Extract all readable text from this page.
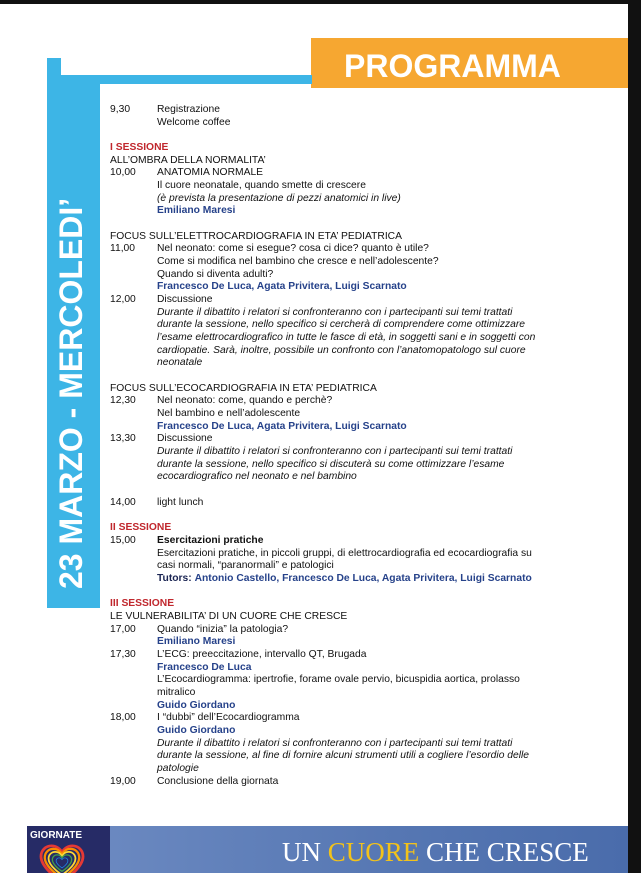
PROGRAMMA
23 MARZO - MERCOLEDI’
9,30	Registrazione
Welcome coffee
I SESSIONE
ALL’OMBRA DELLA NORMALITA’
10,00	ANATOMIA NORMALE
Il cuore neonatale, quando smette di crescere
(è prevista la presentazione di pezzi anatomici in live)
Emiliano Maresi
FOCUS SULL’ELETTROCARDIOGRAFIA IN ETA’ PEDIATRICA
11,00	Nel neonato: come si esegue? cosa ci dice? quanto è utile?
Come si modifica nel bambino che cresce e nell’adolescente?
Quando si diventa adulti?
Francesco De Luca, Agata Privitera, Luigi Scarnato
12,00	Discussione
Durante il dibattito i relatori si confronteranno con i partecipanti sui temi trattati
durante la sessione, nello specifico si cercherà di comprendere come ottimizzare
l’esame elettrocardiografico in tutte le fasce di età, in soggetti sani e in soggetti con
cardiopatie. Sarà, inoltre, possibile un confronto con l’anatomopatologo sul cuore
neonatale
FOCUS SULL’ECOCARDIOGRAFIA IN ETA’ PEDIATRICA
12,30	Nel neonato: come, quando e perchè?
Nel bambino e nell’adolescente
Francesco De Luca, Agata Privitera, Luigi Scarnato
13,30	Discussione
Durante il dibattito i relatori si confronteranno con i partecipanti sui temi trattati
durante la sessione, nello specifico si discuterà su come ottimizzare l’esame
ecocardiografico nel neonato e nel bambino
14,00	light lunch
II SESSIONE
15,00	Esercitazioni pratiche
Esercitazioni pratiche, in piccoli gruppi, di elettrocardiografia ed ecocardiografia su
casi normali, “paranormali” e patologici
Tutors: Antonio Castello, Francesco De Luca, Agata Privitera, Luigi Scarnato
III SESSIONE
LE VULNERABILITA’ DI UN CUORE CHE CRESCE
17,00	Quando “inizia” la patologia?
Emiliano Maresi
17,30	L’ECG: preeccitazione, intervallo QT, Brugada
Francesco De Luca
L’Ecocardiogramma: ipertrofie, forame ovale pervio, bicuspidia aortica, prolasso
mitralico
Guido Giordano
18,00	I “dubbi” dell’Ecocardiogramma
Guido Giordano
Durante il dibattito i relatori si confronteranno con i partecipanti sui temi trattati
durante la sessione, al fine di fornire alcuni strumenti utili a cogliere l’esordio delle
patologie
19,00	Conclusione della giornata
GIORNATE
UN CUORE CHE CRESCE
